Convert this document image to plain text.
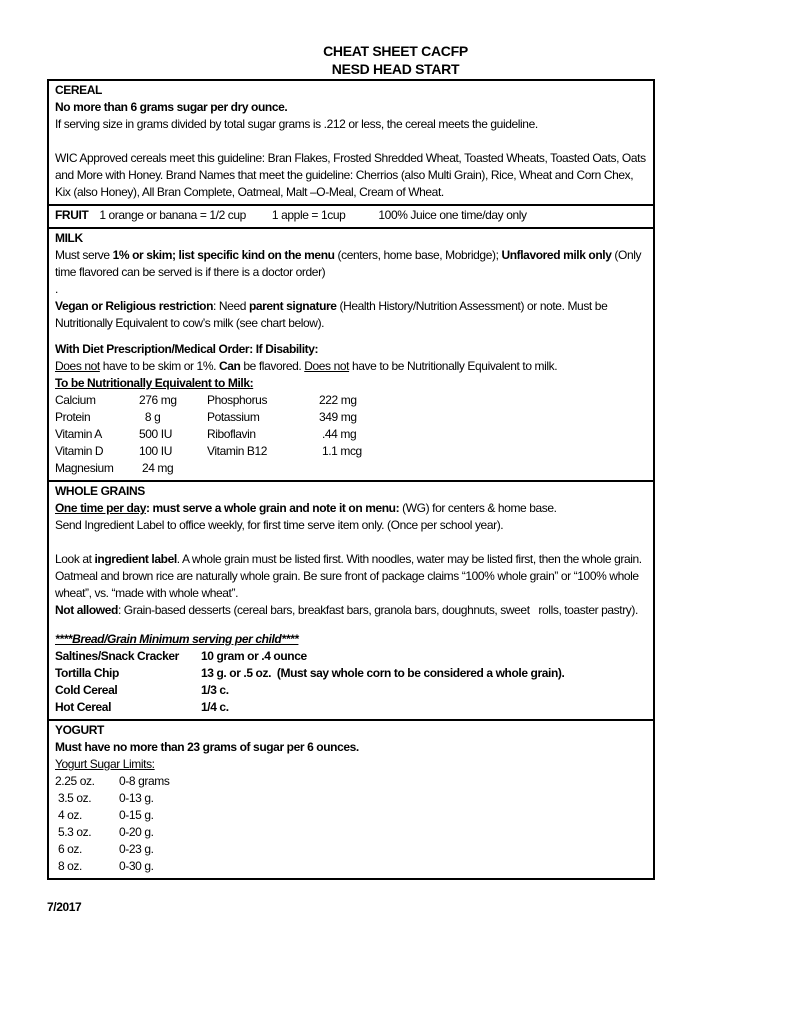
CHEAT SHEET CACFP
NESD HEAD START
CEREAL
No more than 6 grams sugar per dry ounce.
If serving size in grams divided by total sugar grams is .212 or less, the cereal meets the guideline.
WIC Approved cereals meet this guideline: Bran Flakes, Frosted Shredded Wheat, Toasted Wheats, Toasted Oats, Oats and More with Honey. Brand Names that meet the guideline: Cherrios (also Multi Grain), Rice, Wheat and Corn Chex, Kix (also Honey), All Bran Complete, Oatmeal, Malt –O-Meal, Cream of Wheat.
FRUIT 1 orange or banana = 1/2 cup 1 apple = 1cup	100% Juice one time/day only
MILK
Must serve 1% or skim; list specific kind on the menu (centers, home base, Mobridge); Unflavored milk only (Only time flavored can be served is if there is a doctor order)
.
Vegan or Religious restriction: Need parent signature (Health History/Nutrition Assessment) or note. Must be Nutritionally Equivalent to cow’s milk (see chart below).
With Diet Prescription/Medical Order: If Disability:
Does not have to be skim or 1%. Can be flavored. Does not have to be Nutritionally Equivalent to milk.
To be Nutritionally Equivalent to Milk:
Calcium	276 mg	Phosphorus	222 mg
Protein	8 g	Potassium	349 mg
Vitamin A	500 IU	Riboflavin	.44 mg
Vitamin D	100 IU	Vitamin B12	1.1 mcg
Magnesium	24 mg
WHOLE GRAINS
One time per day: must serve a whole grain and note it on menu: (WG) for centers & home base.
Send Ingredient Label to office weekly, for first time serve item only. (Once per school year).
Look at ingredient label. A whole grain must be listed first. With noodles, water may be listed first, then the whole grain. Oatmeal and brown rice are naturally whole grain. Be sure front of package claims “100% whole grain” or “100% whole wheat”, vs. “made with whole wheat”.
Not allowed: Grain-based desserts (cereal bars, breakfast bars, granola bars, doughnuts, sweet   rolls, toaster pastry).
****Bread/Grain Minimum serving per child****
Saltines/Snack Cracker	10 gram or .4 ounce
Tortilla Chip	13 g. or .5 oz.  (Must say whole corn to be considered a whole grain).
Cold Cereal	1/3 c.
Hot Cereal	1/4 c.
YOGURT
Must have no more than 23 grams of sugar per 6 ounces.
Yogurt Sugar Limits:
2.25 oz.	0-8 grams
3.5 oz.	0-13 g.
4 oz.	0-15 g.
5.3 oz.	0-20 g.
6 oz.	0-23 g.
8 oz.	0-30 g.
7/2017
